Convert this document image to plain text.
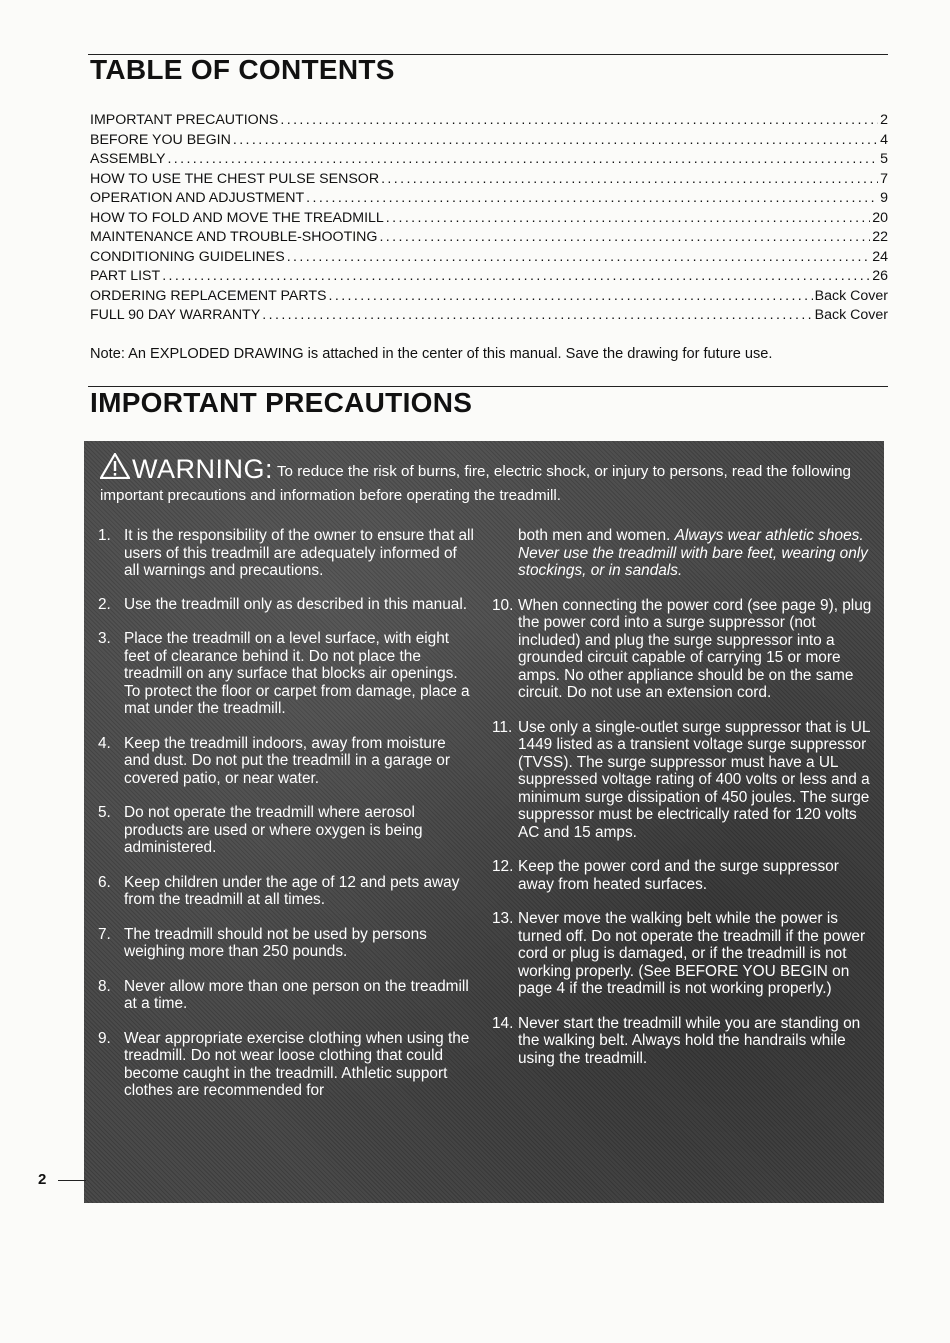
TABLE OF CONTENTS
IMPORTANT PRECAUTIONS .....	2
BEFORE YOU BEGIN .....	4
ASSEMBLY .....	5
HOW TO USE THE CHEST PULSE SENSOR .....	7
OPERATION AND ADJUSTMENT .....	9
HOW TO FOLD AND MOVE THE TREADMILL .....	20
MAINTENANCE AND TROUBLE-SHOOTING .....	22
CONDITIONING GUIDELINES .....	24
PART LIST .....	26
ORDERING REPLACEMENT PARTS .....	Back Cover
FULL 90 DAY WARRANTY .....	Back Cover
Note: An EXPLODED DRAWING is attached in the center of this manual. Save the drawing for future use.
IMPORTANT PRECAUTIONS
WARNING: To reduce the risk of burns, fire, electric shock, or injury to persons, read the following important precautions and information before operating the treadmill.
1. It is the responsibility of the owner to ensure that all users of this treadmill are adequately informed of all warnings and precautions.
2. Use the treadmill only as described in this manual.
3. Place the treadmill on a level surface, with eight feet of clearance behind it. Do not place the treadmill on any surface that blocks air openings. To protect the floor or carpet from damage, place a mat under the treadmill.
4. Keep the treadmill indoors, away from moisture and dust. Do not put the treadmill in a garage or covered patio, or near water.
5. Do not operate the treadmill where aerosol products are used or where oxygen is being administered.
6. Keep children under the age of 12 and pets away from the treadmill at all times.
7. The treadmill should not be used by persons weighing more than 250 pounds.
8. Never allow more than one person on the treadmill at a time.
9. Wear appropriate exercise clothing when using the treadmill. Do not wear loose clothing that could become caught in the treadmill. Athletic support clothes are recommended for
both men and women. Always wear athletic shoes. Never use the treadmill with bare feet, wearing only stockings, or in sandals.
10. When connecting the power cord (see page 9), plug the power cord into a surge suppressor (not included) and plug the surge suppressor into a grounded circuit capable of carrying 15 or more amps. No other appliance should be on the same circuit. Do not use an extension cord.
11. Use only a single-outlet surge suppressor that is UL 1449 listed as a transient voltage surge suppressor (TVSS). The surge suppressor must have a UL suppressed voltage rating of 400 volts or less and a minimum surge dissipation of 450 joules. The surge suppressor must be electrically rated for 120 volts AC and 15 amps.
12. Keep the power cord and the surge suppressor away from heated surfaces.
13. Never move the walking belt while the power is turned off. Do not operate the treadmill if the power cord or plug is damaged, or if the treadmill is not working properly. (See BEFORE YOU BEGIN on page 4 if the treadmill is not working properly.)
14. Never start the treadmill while you are standing on the walking belt. Always hold the handrails while using the treadmill.
2
